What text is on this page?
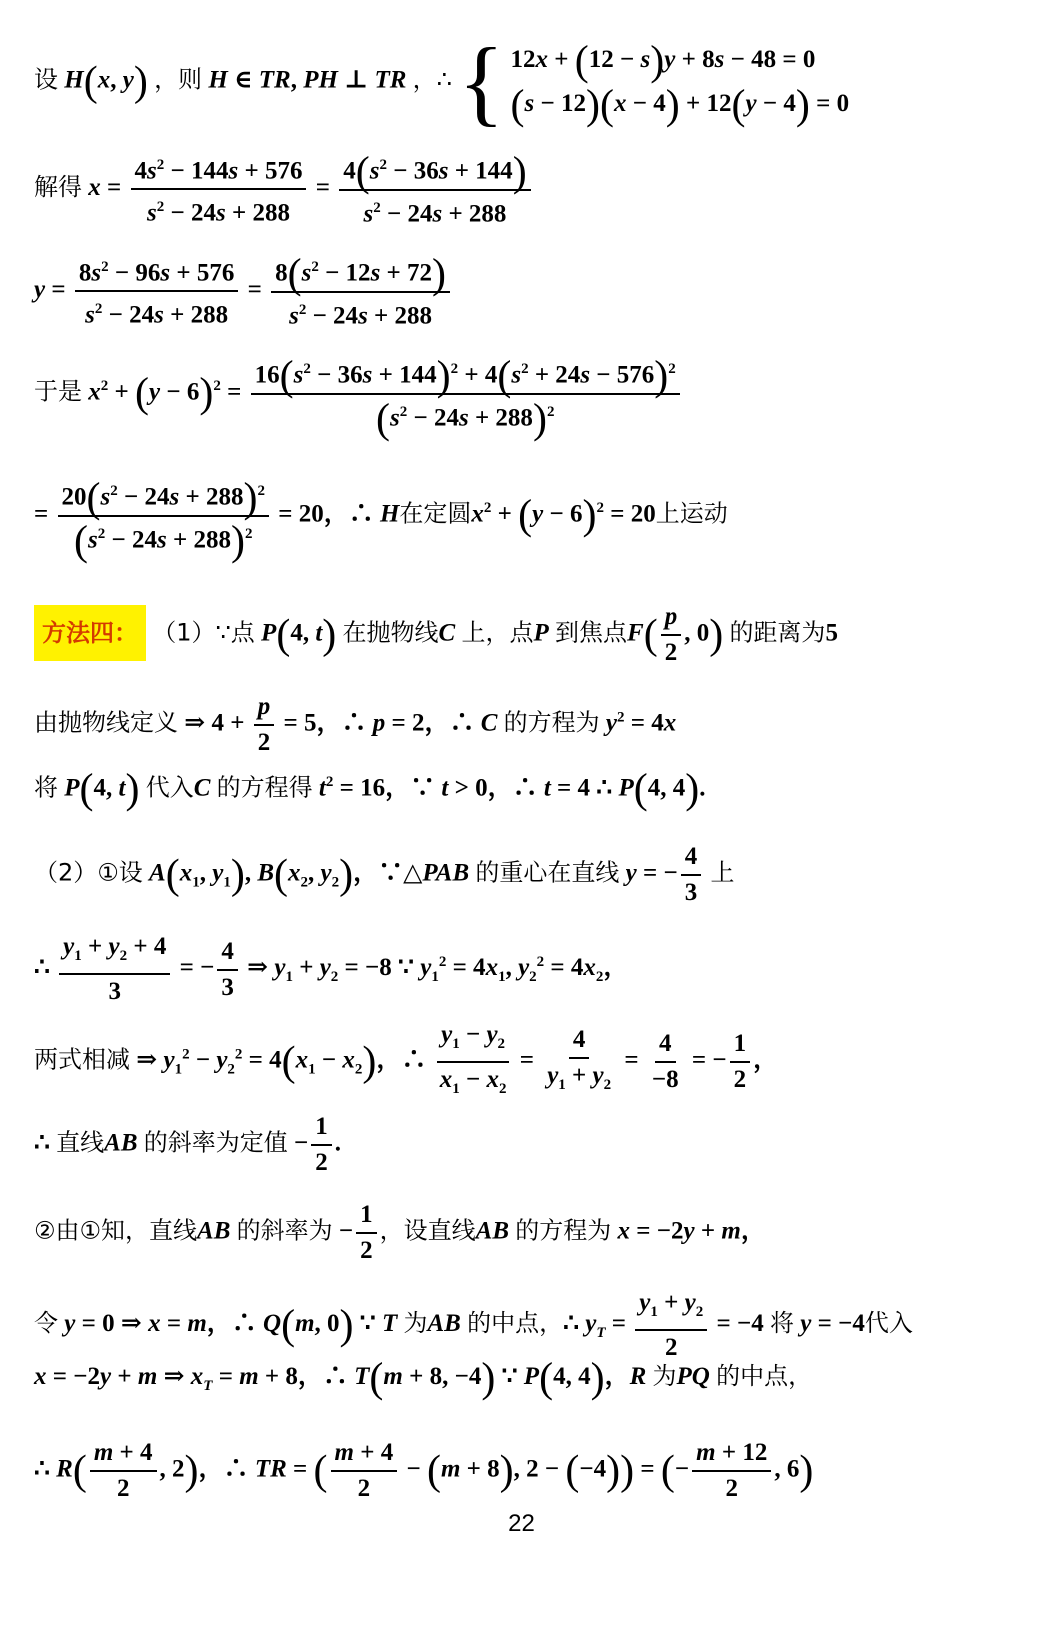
设 H(x, y) ，则 H ∈ TR, PH ⊥ TR ，∴ { 12x + (12 − s)y + 8s − 48 = 0
(s − 12)(x − 4) + 12(y − 4) = 0
解得 $x = \frac{4s^2 - 144s + 576}{s^2 - 24s + 288} = \frac{4(s^2 - 36s + 144)}{s^2 - 24s + 288}$
$y = \frac{8s^2 - 96s + 576}{s^2 - 24s + 288} = \frac{8(s^2 - 12s + 72)}{s^2 - 24s + 288}$
于是 $x^2 + (y - 6)^2 = \frac{16(s^2 - 36s + 144)^2 + 4(s^2 + 24s - 576)^2}{(s^2 - 24s + 288)^2}$
= $\frac{20(s^2 - 24s + 288)^2}{(s^2 - 24s + 288)^2} = 20$，∴ H在定圆$x^2 + (y - 6)^2 = 20$上运动
方法四： （1）∵点 P(4, t) 在抛物线C 上，点P 到焦点$F( \frac{p}{2}$ , 0) 的距离为5
由抛物线定义 ⇒ $4 + \frac{p}{2} = 5$，∴ p = 2，∴ C 的方程为 $y^2 = 4x$
将 P(4, t) 代入C 的方程得 $t^2 = 16$，∵ t > 0，∴ t = 4 ∴ P(4, 4).
（2）①设 $A(x_1$, $y_1$), $B(x_2$, $y_2$)，∵△PAB 的重心在直线 y = − $\frac{4}{3}$ 上
∴ $\frac{y_1 + y_2 + 4}{3}$ = − $\frac{4}{3}$ ⇒ $y_1 + y_2 = -8$ ∵ $y_1^2 = 4x_1$, $y_2^2 = 4x_2$，
两式相减 ⇒ $y_1^2 - y_2^2 = 4(x_1 - x_2)$，∴ $\frac{y_1 - y_2}{x_1 - x_2} = \frac{4}{y_1 + y_2} = \frac{4}{-8}$ = − $\frac{1}{2}$ ，
∴ 直线AB 的斜率为定值 − $\frac{1}{2}$ .
②由①知，直线AB 的斜率为 − $\frac{1}{2}$ ，设直线AB 的方程为 x = −2y + m，
令 y = 0 ⇒ x = m，∴ Q(m, 0) ∵ T 为AB 的中点，∴ $y_T = \frac{y_1 + y_2}{2} = -4$ 将 y = −4代入
x = −2y + m ⇒ $x_T = m + 8$，∴ T(m + 8, −4) ∵ P(4, 4)，R 为PQ 的中点，
∴ $R( \frac{m + 4}{2}$ , 2)，∴ TR = ( $\frac{m + 4}{2} - (m + 8)$, 2 − (−4)) = (− $\frac{m + 12}{2}$ , 6)
22
